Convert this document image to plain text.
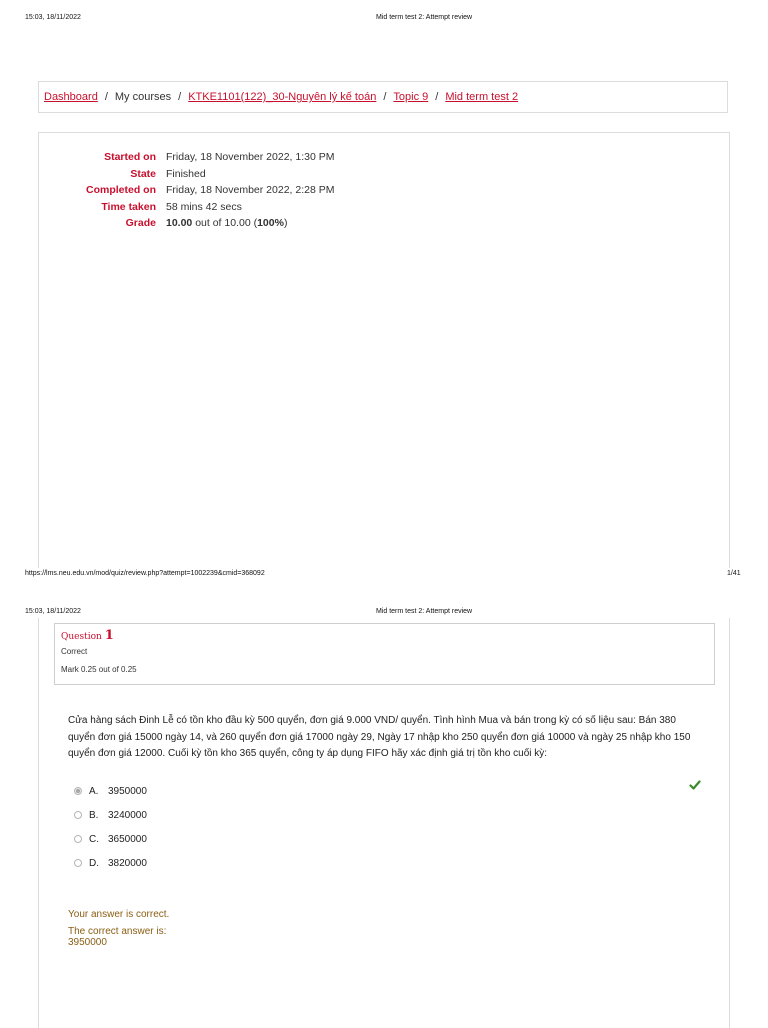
15:03, 18/11/2022	Mid term test 2: Attempt review
Dashboard / My courses / KTKE1101(122)_30-Nguyên lý kế toán / Topic 9 / Mid term test 2
Started on	Friday, 18 November 2022, 1:30 PM
State	Finished
Completed on	Friday, 18 November 2022, 2:28 PM
Time taken	58 mins 42 secs
Grade	10.00 out of 10.00 (100%)
https://lms.neu.edu.vn/mod/quiz/review.php?attempt=1002239&cmid=368092	1/41
15:03, 18/11/2022	Mid term test 2: Attempt review
Question 1
Correct
Mark 0.25 out of 0.25
Cửa hàng sách Đinh Lễ có tồn kho đầu kỳ 500 quyển, đơn giá 9.000 VND/ quyển. Tình hình Mua và bán trong kỳ có số liệu sau: Bán 380 quyển đơn giá 15000 ngày 14, và 260 quyển đơn giá 17000 ngày 29, Ngày 17 nhập kho 250 quyển đơn giá 10000 và ngày 25 nhập kho 150 quyển đơn giá 12000. Cuối kỳ tồn kho 365 quyển, công ty áp dụng FIFO hãy xác định giá trị tồn kho cuối kỳ:
A. 3950000
B. 3240000
C. 3650000
D. 3820000
Your answer is correct.
The correct answer is:
3950000
